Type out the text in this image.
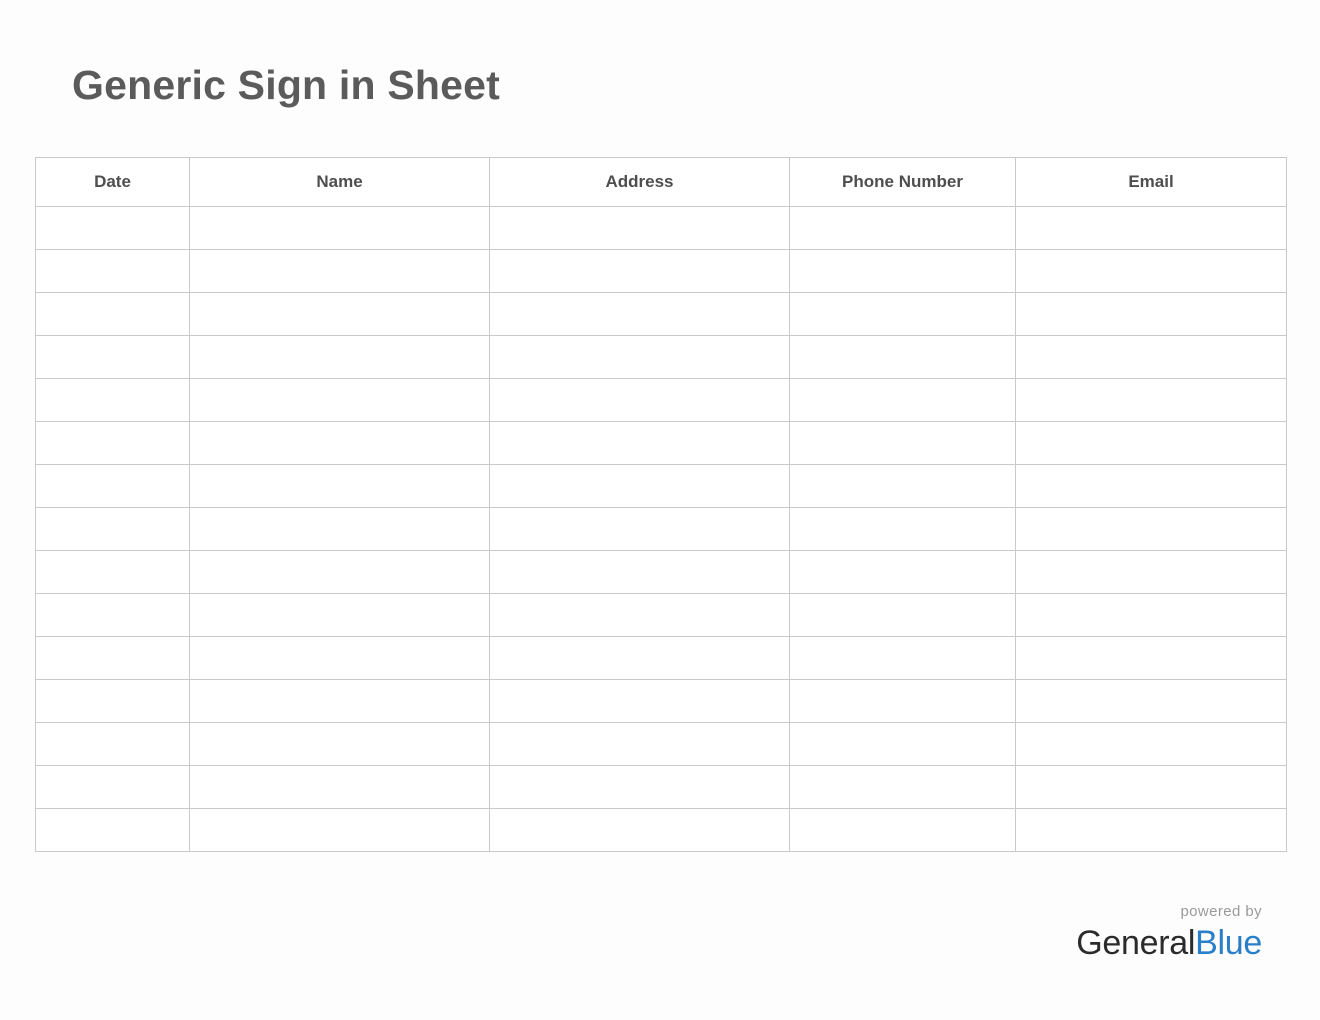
Generic Sign in Sheet
Date	Name	Address	Phone Number	Email

powered by
GeneralBlue
